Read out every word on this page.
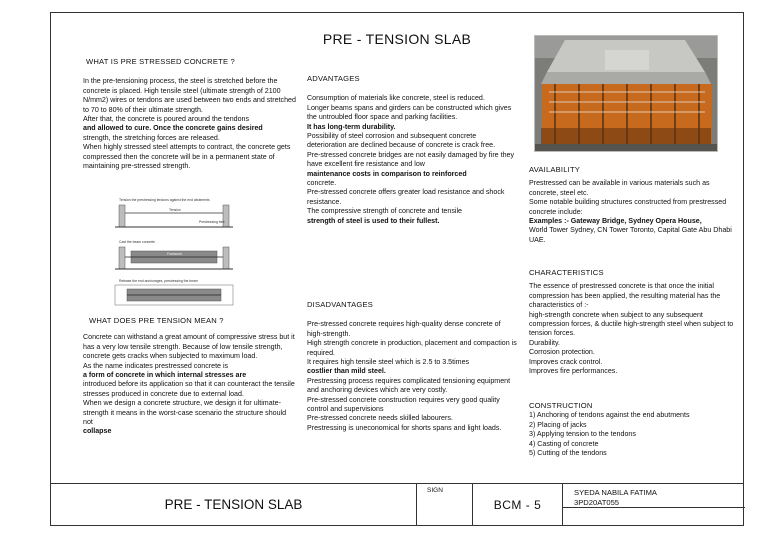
PRE - TENSION SLAB

WHAT IS PRE STRESSED CONCRETE ?

In the pre-tensioning process, the steel is stretched before the concrete is placed. High tensile steel (ultimate strength of 2100 N/mm2) wires or tendons are used between two ends and stretched to 70 to 80% of their ultimate strength.

After that, the concrete is poured around the tendons

and allowed to cure. Once the concrete gains desired

strength, the stretching forces are released.

When highly stressed steel attempts to contract, the concrete gets compressed then the concrete will be in a permanent state of maintaining pre-stressed strength.

Tension the prestressing tendons against the end abutments
Tension
Prestressing bed
Cast the beam concrete
Formwork
Release the end anchorages, prestressing the beam

WHAT DOES PRE TENSION MEAN ?

Concrete can withstand a great amount of compressive stress but it has a very low tensile strength. Because of low tensile strength, concrete gets cracks when subjected to maximum load.

As the name indicates prestressed concrete is

a form of concrete in which internal stresses are

introduced before its application so that it can counteract the tensile stresses produced in concrete due to external load.

When we design a concrete structure, we design it for ultimate-strength it means in the worst-case scenario the structure should not

collapse

ADVANTAGES

Consumption of materials like concrete, steel is reduced.

Longer beams spans and girders can be constructed which gives the untroubled floor space and parking facilities.

It has long-term durability.

Possibility of steel corrosion and subsequent concrete deterioration are declined because of concrete is crack free.

Pre-stressed concrete bridges are not easily damaged by fire they have excellent fire resistance and low

maintenance costs in comparison to reinforced

concrete.

Pre-stressed concrete offers greater load resistance and shock resistance.

The compressive strength of concrete and tensile

strength of steel is used to their fullest.

DISADVANTAGES

Pre-stressed concrete requires high-quality dense concrete of high-strength.

High strength concrete in production, placement and compaction is required.

It requires high tensile steel which is 2.5 to 3.5times

costlier than mild steel.

Prestressing process requires complicated tensioning equipment and anchoring devices which are very costly.

Pre-stressed concrete construction requires very good quality control and supervisions

Pre-stressed concrete needs skilled labourers.

Prestressing is uneconomical for shorts spans and light loads.

AVAILABILITY

Prestressed can be available in various materials such as concrete, steel etc.

Some notable building structures constructed from prestressed concrete include:

Examples :- Gateway Bridge, Sydney Opera House,

World Tower Sydney, CN Tower Toronto, Capital Gate Abu Dhabi UAE.

CHARACTERISTICS

The essence of prestressed concrete is that once the initial compression has been applied, the resulting material has the characteristics of :-

high-strength concrete when subject to any subsequent compression forces, & ductile high-strength steel when subject to tension forces.

Durability.

Corrosion protection.

Improves crack control.

Improves fire performances.

CONSTRUCTION

1) Anchoring of tendons against the end abutments

2) Placing of jacks

3) Applying tension to the tendons

4) Casting of concrete

5) Cutting of the tendons

PRE - TENSION SLAB
SIGN
BCM - 5
SYEDA NABILA FATIMA
3PD20AT055
